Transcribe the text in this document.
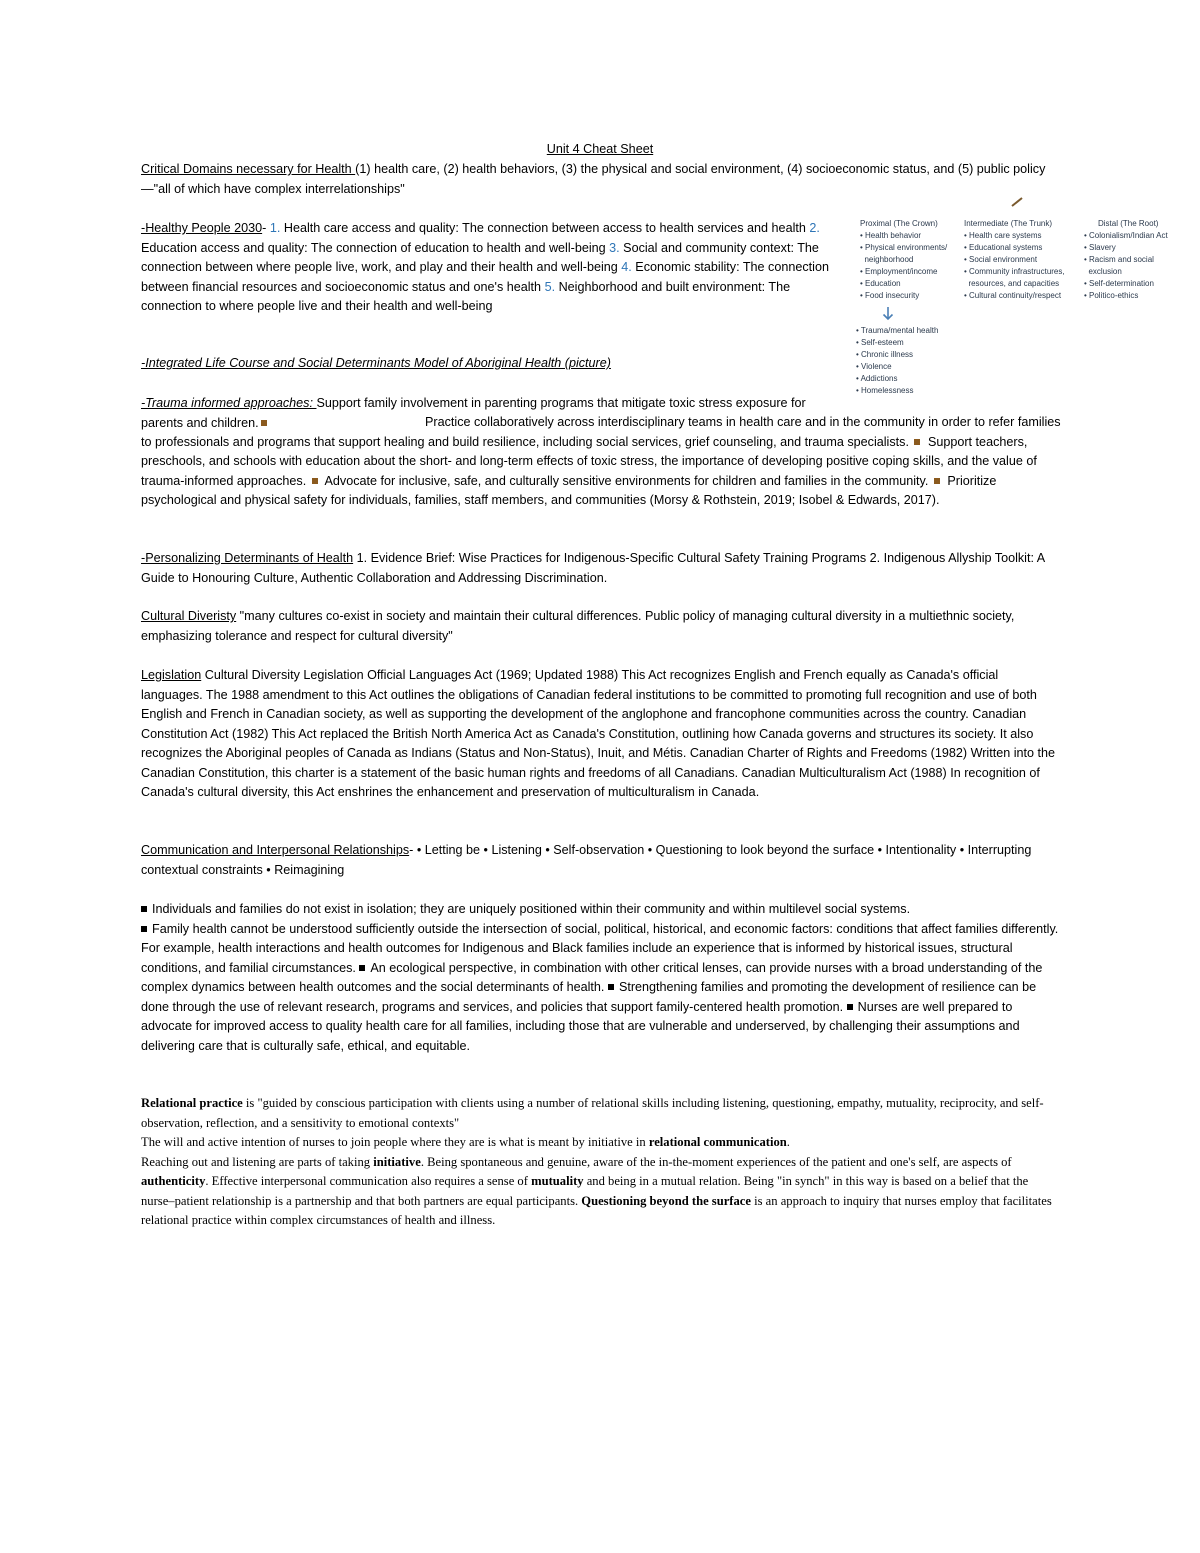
Unit 4 Cheat Sheet
Critical Domains necessary for Health (1) health care, (2) health behaviors, (3) the physical and social environment, (4) socioeconomic status, and (5) public policy—"all of which have complex interrelationships"
-Healthy People 2030- 1. Health care access and quality: The connection between access to health services and health 2. Education access and quality: The connection of education to health and well-being 3. Social and community context: The connection between where people live, work, and play and their health and well-being 4. Economic stability: The connection between financial resources and socioeconomic status and one's health 5. Neighborhood and built environment: The connection to where people live and their health and well-being
-Integrated Life Course and Social Determinants Model of Aboriginal Health (picture)
-Trauma informed approaches: Support family involvement in parenting programs that mitigate toxic stress exposure for parents and children.	Practice collaboratively across interdisciplinary teams in health care and in the community in order to refer families to professionals and programs that support healing and build resilience, including social services, grief counseling, and trauma specialists.  Support teachers, preschools, and schools with education about the short- and long-term effects of toxic stress, the importance of developing positive coping skills, and the value of trauma-informed approaches.  Advocate for inclusive, safe, and culturally sensitive environments for children and families in the community.  Prioritize psychological and physical safety for individuals, families, staff members, and communities (Morsy & Rothstein, 2019; Isobel & Edwards, 2017).
-Personalizing Determinants of Health 1. Evidence Brief: Wise Practices for Indigenous-Specific Cultural Safety Training Programs 2. Indigenous Allyship Toolkit: A Guide to Honouring Culture, Authentic Collaboration and Addressing Discrimination.
Cultural Diveristy "many cultures co-exist in society and maintain their cultural differences. Public policy of managing cultural diversity in a multiethnic society, emphasizing tolerance and respect for cultural diversity"
Legislation Cultural Diversity Legislation Official Languages Act (1969; Updated 1988) This Act recognizes English and French equally as Canada's official languages. The 1988 amendment to this Act outlines the obligations of Canadian federal institutions to be committed to promoting full recognition and use of both English and French in Canadian society, as well as supporting the development of the anglophone and francophone communities across the country. Canadian Constitution Act (1982) This Act replaced the British North America Act as Canada's Constitution, outlining how Canada governs and structures its society. It also recognizes the Aboriginal peoples of Canada as Indians (Status and Non-Status), Inuit, and Métis. Canadian Charter of Rights and Freedoms (1982) Written into the Canadian Constitution, this charter is a statement of the basic human rights and freedoms of all Canadians. Canadian Multiculturalism Act (1988) In recognition of Canada's cultural diversity, this Act enshrines the enhancement and preservation of multiculturalism in Canada.
Communication and Interpersonal Relationships- • Letting be • Listening • Self-observation • Questioning to look beyond the surface • Intentionality • Interrupting contextual constraints • Reimagining
Individuals and families do not exist in isolation; they are uniquely positioned within their community and within multilevel social systems.
Family health cannot be understood sufficiently outside the intersection of social, political, historical, and economic factors: conditions that affect families differently. For example, health interactions and health outcomes for Indigenous and Black families include an experience that is informed by historical issues, structural conditions, and familial circumstances. An ecological perspective, in combination with other critical lenses, can provide nurses with a broad understanding of the complex dynamics between health outcomes and the social determinants of health. Strengthening families and promoting the development of resilience can be done through the use of relevant research, programs and services, and policies that support family-centered health promotion. Nurses are well prepared to advocate for improved access to quality health care for all families, including those that are vulnerable and underserved, by challenging their assumptions and delivering care that is culturally safe, ethical, and equitable.
Relational practice is "guided by conscious participation with clients using a number of relational skills including listening, questioning, empathy, mutuality, reciprocity, and self-observation, reflection, and a sensitivity to emotional contexts"
The will and active intention of nurses to join people where they are is what is meant by initiative in relational communication.
Reaching out and listening are parts of taking initiative. Being spontaneous and genuine, aware of the in-the-moment experiences of the patient and one's self, are aspects of authenticity. Effective interpersonal communication also requires a sense of mutuality and being in a mutual relation. Being "in synch" in this way is based on a belief that the nurse–patient relationship is a partnership and that both partners are equal participants. Questioning beyond the surface is an approach to inquiry that nurses employ that facilitates relational practice within complex circumstances of health and illness.
Proximal (The Crown)
• Health behavior
• Physical environments/
neighborhood
• Employment/income
• Education
• Food insecurity
Intermediate (The Trunk)
• Health care systems
• Educational systems
• Social environment
• Community infrastructures,
resources, and capacities
• Cultural continuity/respect
Distal (The Root)
• Colonialism/Indian Act
• Slavery
• Racism and social
exclusion
• Self-determination
• Politico-ethics
• Trauma/mental health
• Self-esteem
• Chronic illness
• Violence
• Addictions
• Homelessness
